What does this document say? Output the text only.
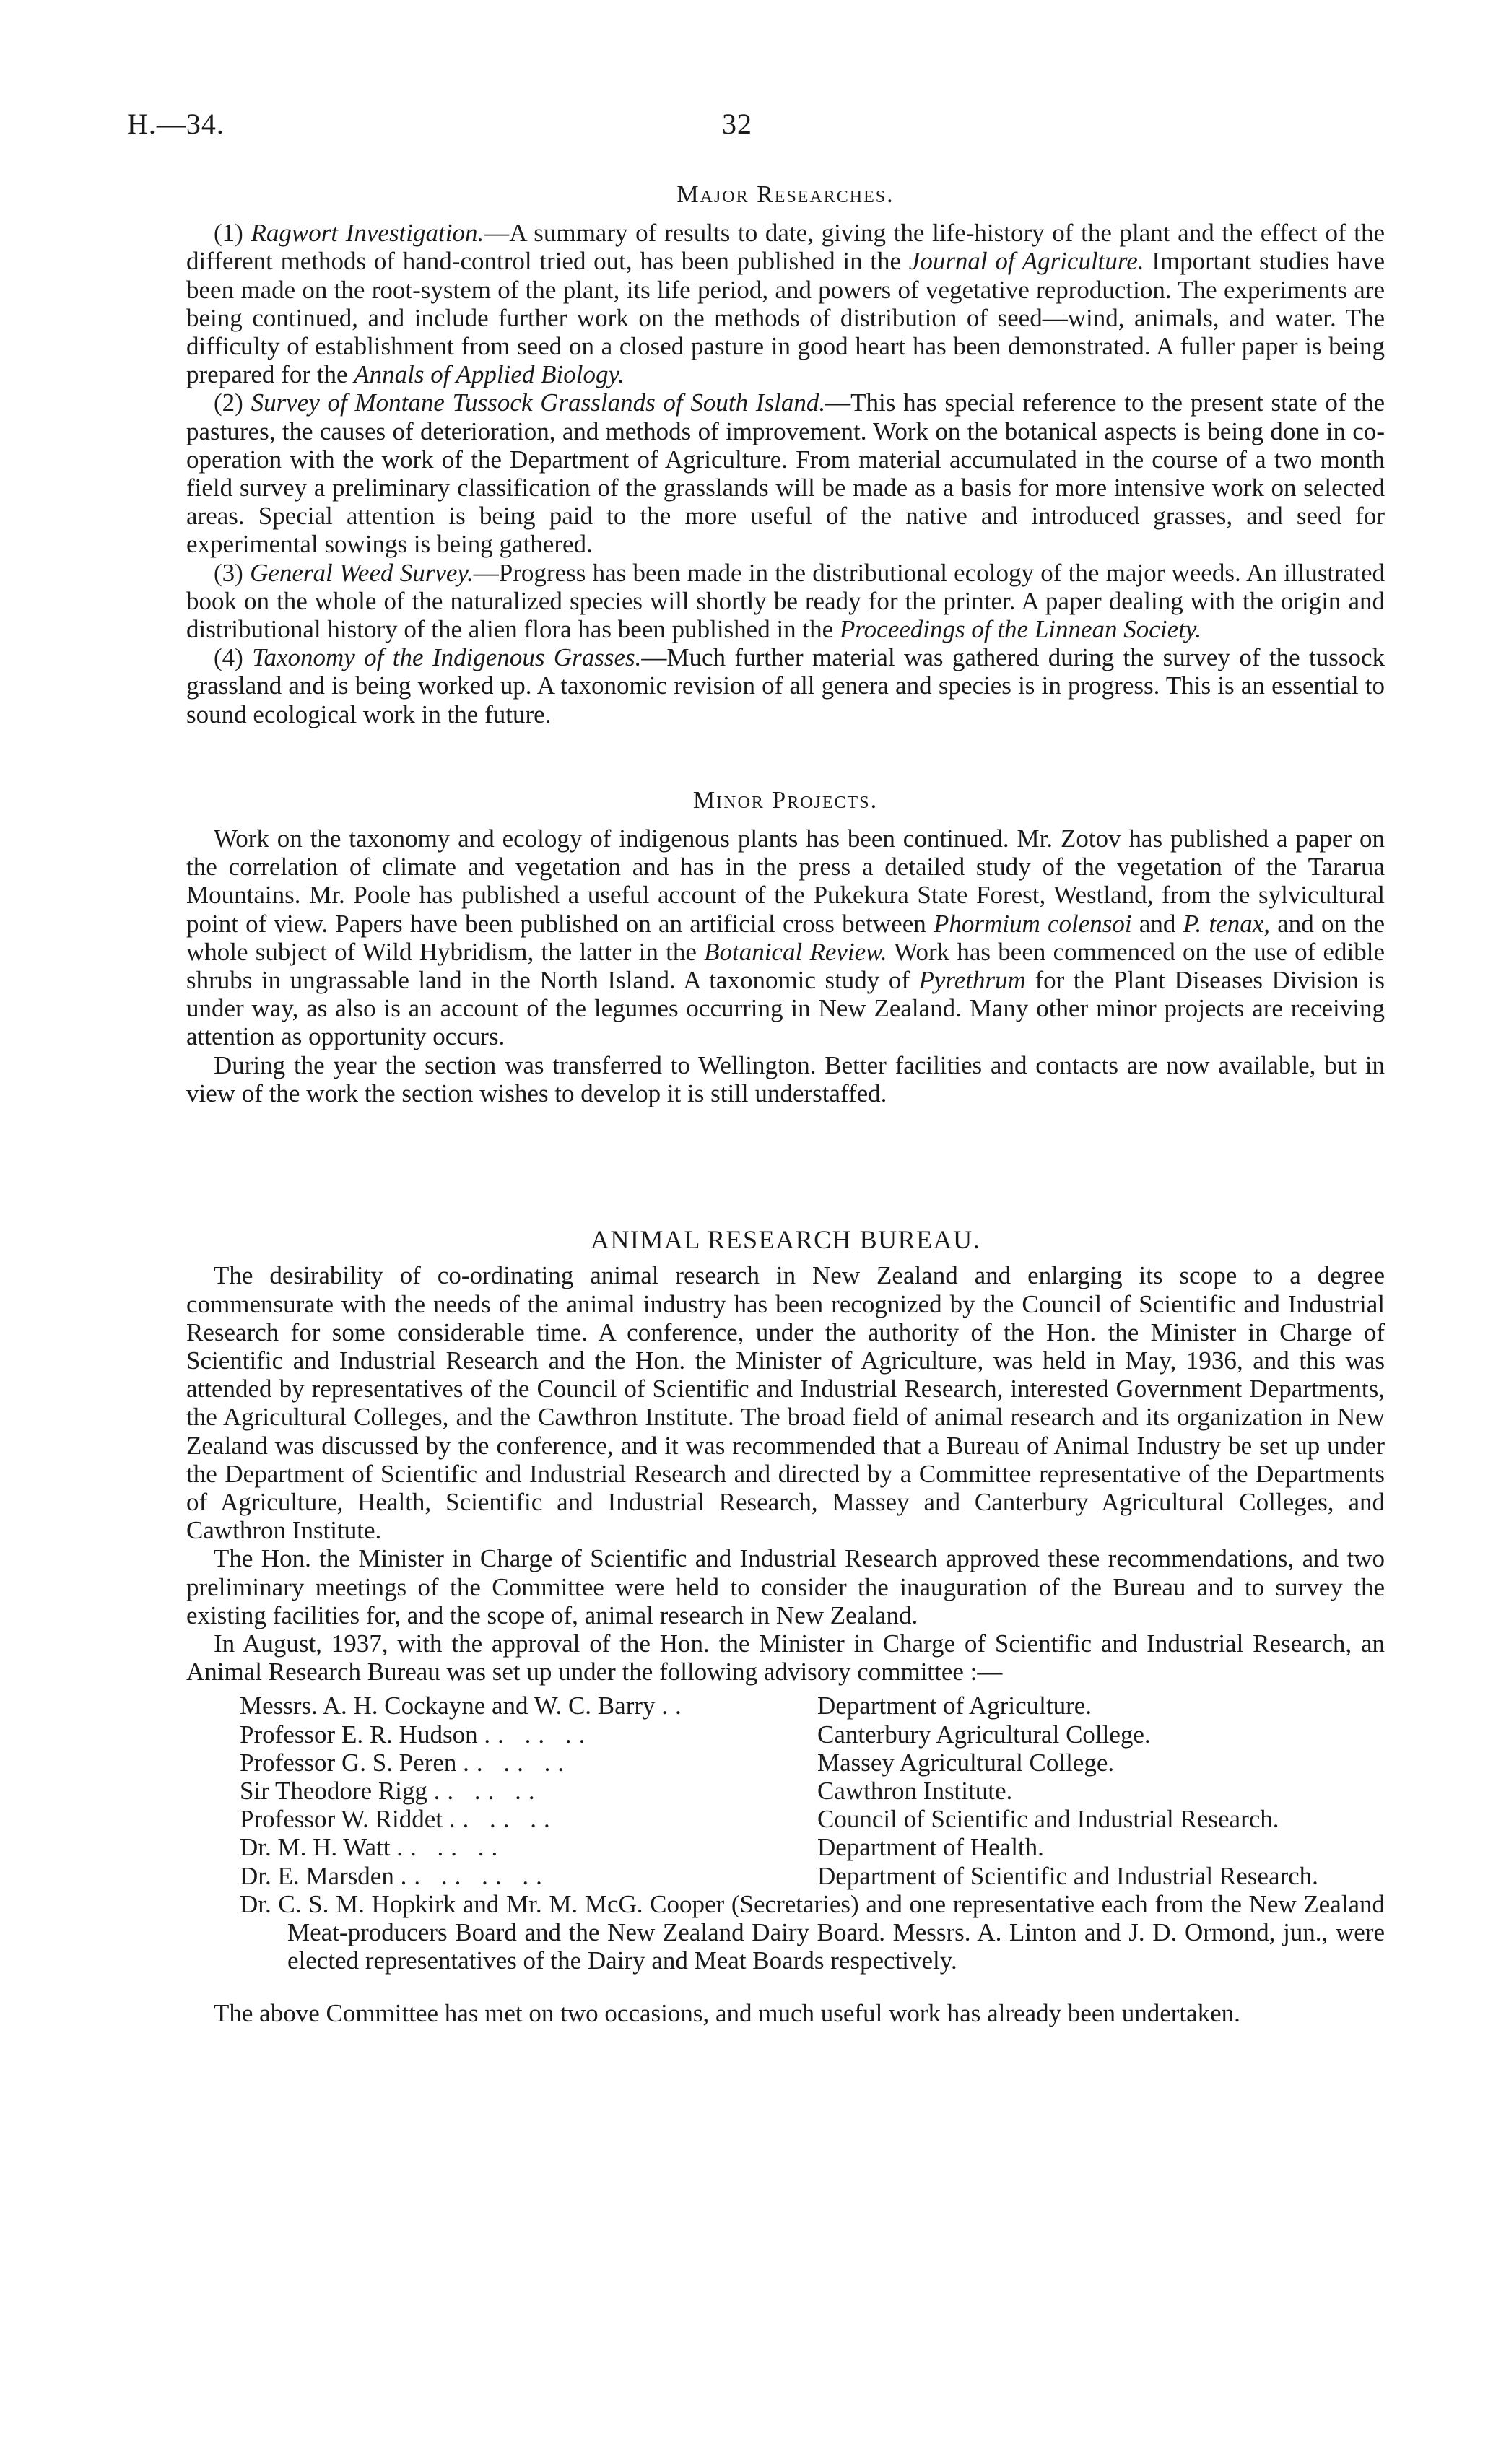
H.—34.	32
Major Researches.

(1) Ragwort Investigation.—A summary of results to date, giving the life-history of the plant and the effect of the different methods of hand-control tried out, has been published in the Journal of Agriculture. Important studies have been made on the root-system of the plant, its life period, and powers of vegetative reproduction. The experiments are being continued, and include further work on the methods of distribution of seed—wind, animals, and water. The difficulty of establishment from seed on a closed pasture in good heart has been demonstrated. A fuller paper is being prepared for the Annals of Applied Biology.

(2) Survey of Montane Tussock Grasslands of South Island.—This has special reference to the present state of the pastures, the causes of deterioration, and methods of improvement. Work on the botanical aspects is being done in co-operation with the work of the Department of Agriculture. From material accumulated in the course of a two month field survey a preliminary classification of the grasslands will be made as a basis for more intensive work on selected areas. Special attention is being paid to the more useful of the native and introduced grasses, and seed for experimental sowings is being gathered.

(3) General Weed Survey.—Progress has been made in the distributional ecology of the major weeds. An illustrated book on the whole of the naturalized species will shortly be ready for the printer. A paper dealing with the origin and distributional history of the alien flora has been published in the Proceedings of the Linnean Society.

(4) Taxonomy of the Indigenous Grasses.—Much further material was gathered during the survey of the tussock grassland and is being worked up. A taxonomic revision of all genera and species is in progress. This is an essential to sound ecological work in the future.

Minor Projects.

Work on the taxonomy and ecology of indigenous plants has been continued. Mr. Zotov has published a paper on the correlation of climate and vegetation and has in the press a detailed study of the vegetation of the Tararua Mountains. Mr. Poole has published a useful account of the Pukekura State Forest, Westland, from the sylvicultural point of view. Papers have been published on an artificial cross between Phormium colensoi and P. tenax, and on the whole subject of Wild Hybridism, the latter in the Botanical Review. Work has been commenced on the use of edible shrubs in ungrassable land in the North Island. A taxonomic study of Pyrethrum for the Plant Diseases Division is under way, as also is an account of the legumes occurring in New Zealand. Many other minor projects are receiving attention as opportunity occurs.

During the year the section was transferred to Wellington. Better facilities and contacts are now available, but in view of the work the section wishes to develop it is still understaffed.

ANIMAL RESEARCH BUREAU.

The desirability of co-ordinating animal research in New Zealand and enlarging its scope to a degree commensurate with the needs of the animal industry has been recognized by the Council of Scientific and Industrial Research for some considerable time. A conference, under the authority of the Hon. the Minister in Charge of Scientific and Industrial Research and the Hon. the Minister of Agriculture, was held in May, 1936, and this was attended by representatives of the Council of Scientific and Industrial Research, interested Government Departments, the Agricultural Colleges, and the Cawthron Institute. The broad field of animal research and its organization in New Zealand was discussed by the conference, and it was recommended that a Bureau of Animal Industry be set up under the Department of Scientific and Industrial Research and directed by a Committee representative of the Departments of Agriculture, Health, Scientific and Industrial Research, Massey and Canterbury Agricultural Colleges, and Cawthron Institute.

The Hon. the Minister in Charge of Scientific and Industrial Research approved these recommendations, and two preliminary meetings of the Committee were held to consider the inauguration of the Bureau and to survey the existing facilities for, and the scope of, animal research in New Zealand.

In August, 1937, with the approval of the Hon. the Minister in Charge of Scientific and Industrial Research, an Animal Research Bureau was set up under the following advisory committee :—

Messrs. A. H. Cockayne and W. C. Barry ..	Department of Agriculture.
Professor E. R. Hudson .. .. ..	Canterbury Agricultural College.
Professor G. S. Peren .. .. ..	Massey Agricultural College.
Sir Theodore Rigg .. .. ..	Cawthron Institute.
Professor W. Riddet .. .. ..	Council of Scientific and Industrial Research.
Dr. M. H. Watt .. .. ..	Department of Health.
Dr. E. Marsden .. .. .. ..	Department of Scientific and Industrial Research.

Dr. C. S. M. Hopkirk and Mr. M. McG. Cooper (Secretaries) and one representative each from the New Zealand Meat-producers Board and the New Zealand Dairy Board. Messrs. A. Linton and J. D. Ormond, jun., were elected representatives of the Dairy and Meat Boards respectively.

The above Committee has met on two occasions, and much useful work has already been undertaken.
